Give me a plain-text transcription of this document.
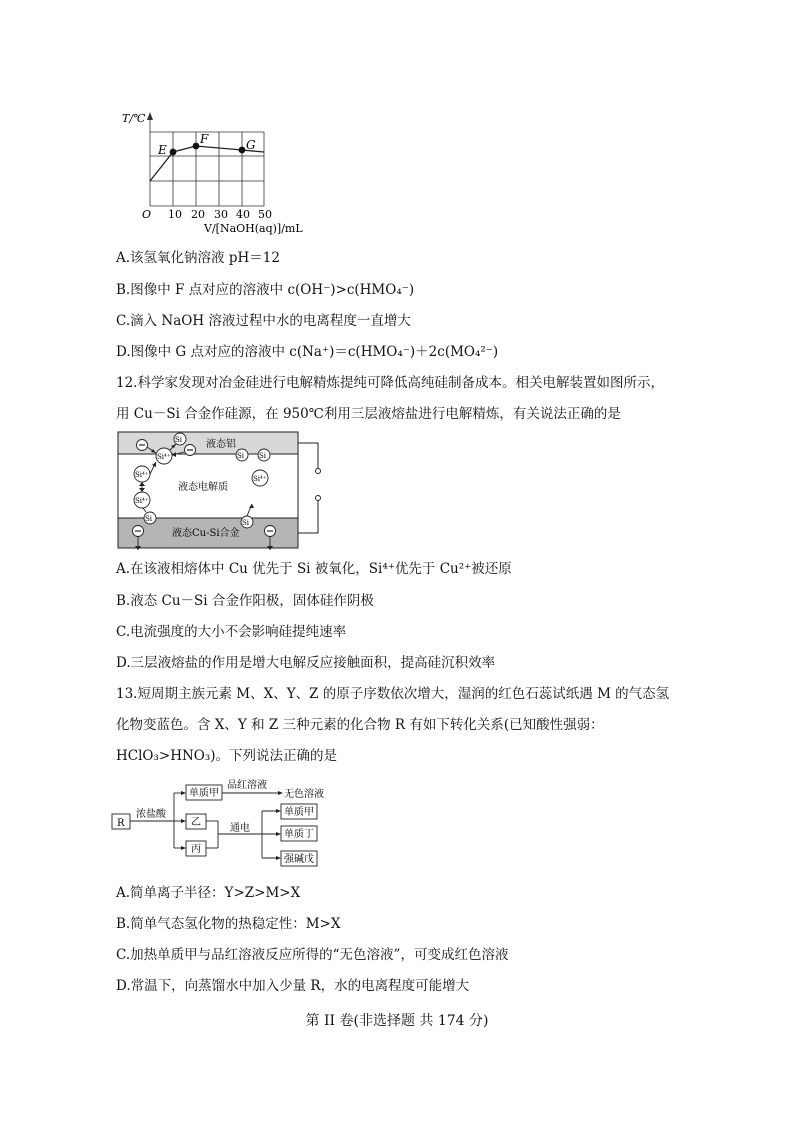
E
F	G
T/℃
O 10 20 30 40 50
V/[NaOH(aq)]/mL
A.该氢氧化钠溶液 pH＝12
B.图像中 F 点对应的溶液中 c(OH⁻)>c(HMO₄⁻)
C.滴入 NaOH 溶液过程中水的电离程度一直增大
D.图像中 G 点对应的溶液中 c(Na⁺)＝c(HMO₄⁻)＋2c(MO₄²⁻)
12.科学家发现对冶金硅进行电解精炼提纯可降低高纯硅制备成本。相关电解装置如图所示，
用 Cu－Si 合金作硅源，在 950℃利用三层液熔盐进行电解精炼，有关说法正确的是
液态铝
液态电解质
液态Cu-Si合金
Si
Si⁴⁺	Si Si
Si⁴⁺	Si⁴⁺
Si⁴⁺
Si	Si
A.在该液相熔体中 Cu 优先于 Si 被氧化，Si⁴⁺优先于 Cu²⁺被还原
B.液态 Cu－Si 合金作阳极，固体硅作阴极
C.电流强度的大小不会影响硅提纯速率
D.三层液熔盐的作用是增大电解反应接触面积，提高硅沉积效率
13.短周期主族元素 M、X、Y、Z 的原子序数依次增大，湿润的红色石蕊试纸遇 M 的气态氢
化物变蓝色。含 X、Y 和 Z 三种元素的化合物 R 有如下转化关系(已知酸性强弱：
HClO₃>HNO₃)。下列说法正确的是
R
浓盐酸
单质甲
乙
丙
品红溶液
无色溶液
通电
单质甲
单质丁
强碱戊
A.简单离子半径：Y>Z>M>X
B.简单气态氢化物的热稳定性：M>X
C.加热单质甲与品红溶液反应所得的“无色溶液”，可变成红色溶液
D.常温下，向蒸馏水中加入少量 R，水的电离程度可能增大
第 II 卷(非选择题 共 174 分)
